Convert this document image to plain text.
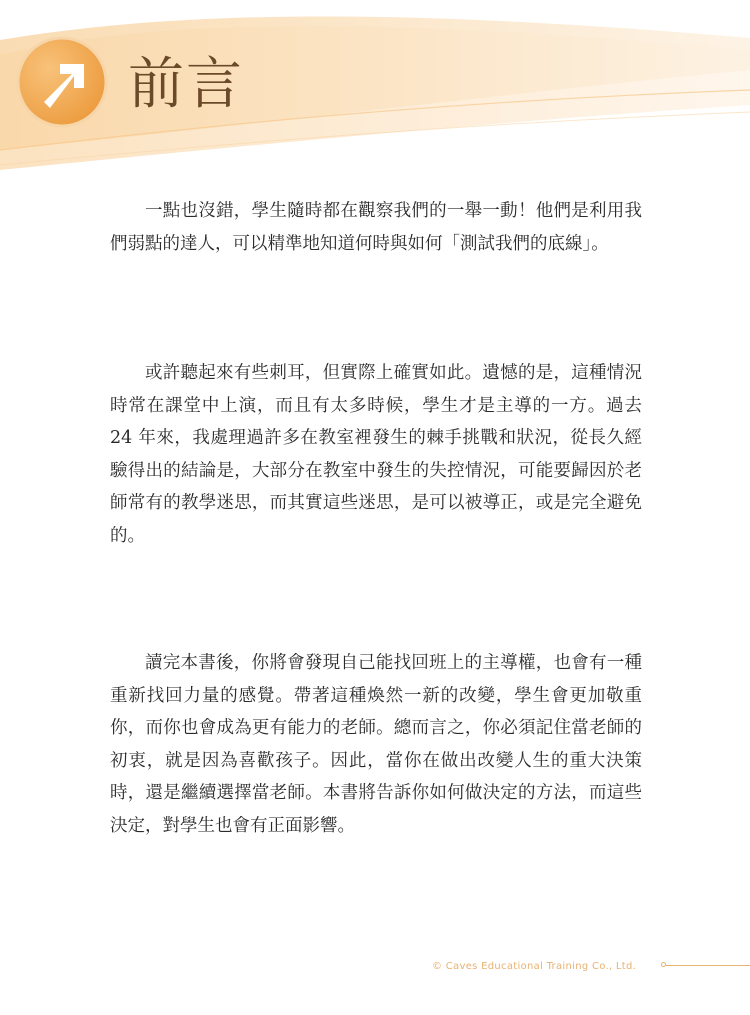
前言

一點也沒錯，學生隨時都在觀察我們的一舉一動！他們是利用我們弱點的達人，可以精準地知道何時與如何「測試我們的底線」。

或許聽起來有些刺耳，但實際上確實如此。遺憾的是，這種情況時常在課堂中上演，而且有太多時候，學生才是主導的一方。過去 24 年來，我處理過許多在教室裡發生的棘手挑戰和狀況，從長久經驗得出的結論是，大部分在教室中發生的失控情況，可能要歸因於老師常有的教學迷思，而其實這些迷思，是可以被導正，或是完全避免的。

讀完本書後，你將會發現自己能找回班上的主導權，也會有一種重新找回力量的感覺。帶著這種煥然一新的改變，學生會更加敬重你，而你也會成為更有能力的老師。總而言之，你必須記住當老師的初衷，就是因為喜歡孩子。因此，當你在做出改變人生的重大決策時，還是繼續選擇當老師。本書將告訴你如何做決定的方法，而這些決定，對學生也會有正面影響。

© Caves Educational Training Co., Ltd.
